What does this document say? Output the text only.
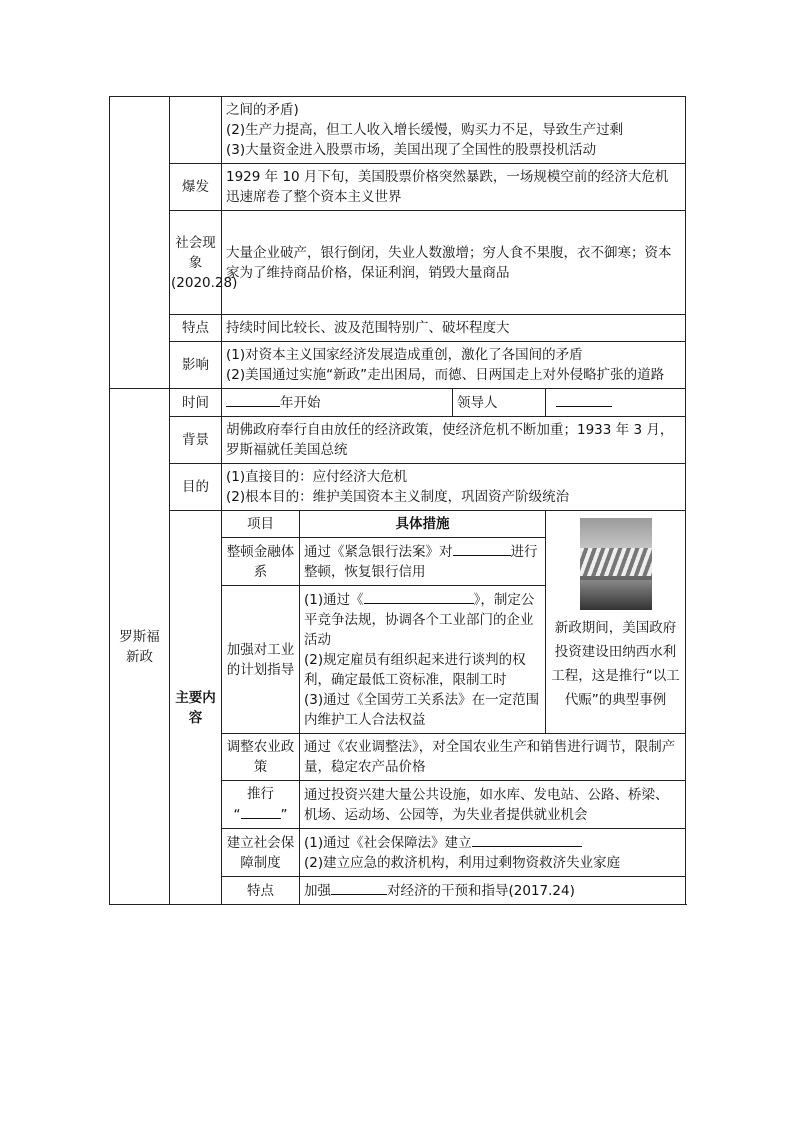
		之间的矛盾)
(2)生产力提高，但工人收入增长缓慢，购买力不足，导致生产过剩
(3)大量资金进入股票市场，美国出现了全国性的股票投机活动			

	爆发	1929 年 10 月下旬，美国股票价格突然暴跌，一场规模空前的经济大危机迅速席卷了整个资本主义世界			
	社会现象(2020.28)	大量企业破产，银行倒闭，失业人数激增；穷人食不果腹，衣不御寒；资本家为了维持商品价格，保证利润，销毁大量商品			
	特点	持续时间比较长、波及范围特别广、破坏程度大			
	影响	(1)对资本主义国家经济发展造成重创，激化了各国间的矛盾
(2)美国通过实施“新政”走出困局，而德、日两国走上对外侵略扩张的道路			

罗斯福新政	时间	年开始		领导人	
	背景	胡佛政府奉行自由放任的经济政策，使经济危机不断加重；1933 年 3 月，罗斯福就任美国总统			
	目的	(1)直接目的：应付经济大危机
(2)根本目的：维护美国资本主义制度，巩固资产阶级统治			

	主要内容	项目	具体措施		新政期间，美国政府投资建设田纳西水利工程，这是推行“以工代赈”的典型事例

		整顿金融体系	通过《紧急银行法案》对 进行整顿，恢复银行信用		
		加强对工业的计划指导	(1)通过《 》，制定公平竞争法规，协调各个工业部门的企业活动
(2)规定雇员有组织起来进行谈判的权利，确定最低工资标准，限制工时
(3)通过《全国劳工关系法》在一定范围内维护工人合法权益		

		调整农业政策	通过《农业调整法》，对全国农业生产和销售进行调节，限制产量，稳定农产品价格		

		推行
“ ”	通过投资兴建大量公共设施，如水库、发电站、公路、桥梁、机场、运动场、公园等，为失业者提供就业机会		
		建立社会保障制度	(1)通过《社会保障法》建立
(2)建立应急的救济机构，利用过剩物资救济失业家庭		

		特点	加强 对经济的干预和指导(2017.24)		
